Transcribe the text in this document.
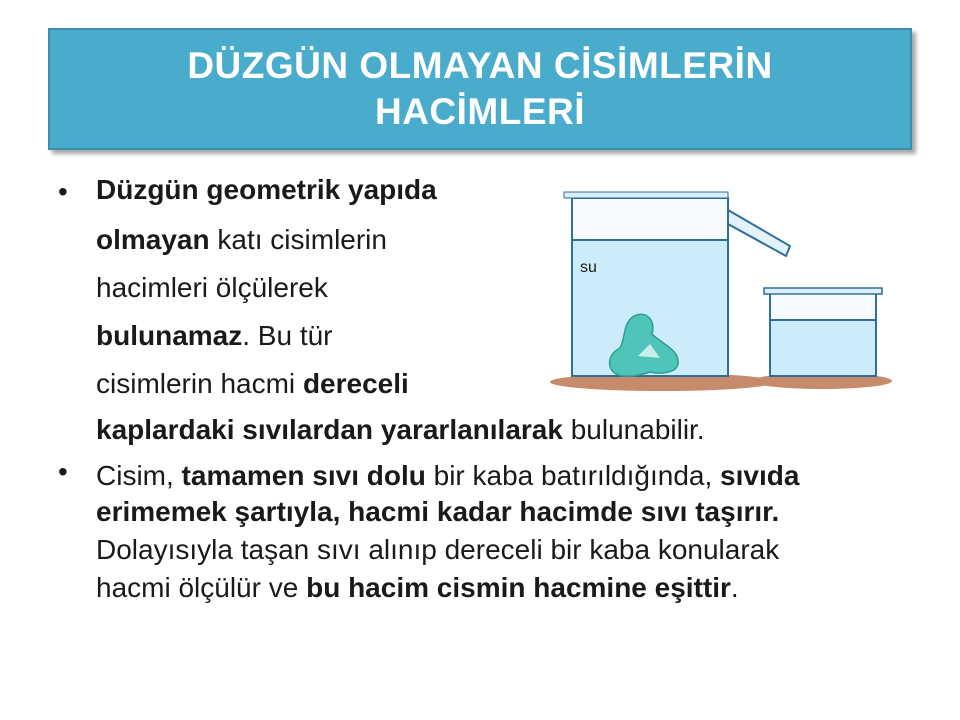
DÜZGÜN OLMAYAN CİSİMLERİN
HACİMLERİ
•
•
Düzgün geometrik yapıda
olmayan katı cisimlerin
hacimleri ölçülerek
bulunamaz. Bu tür
cisimlerin hacmi dereceli
kaplardaki sıvılardan yararlanılarak bulunabilir.
Cisim, tamamen sıvı dolu bir kaba batırıldığında, sıvıda
erimemek şartıyla, hacmi kadar hacimde sıvı taşırır.
Dolayısıyla taşan sıvı alınıp dereceli bir kaba konularak
hacmi ölçülür ve bu hacim cismin hacmine eşittir.
su
